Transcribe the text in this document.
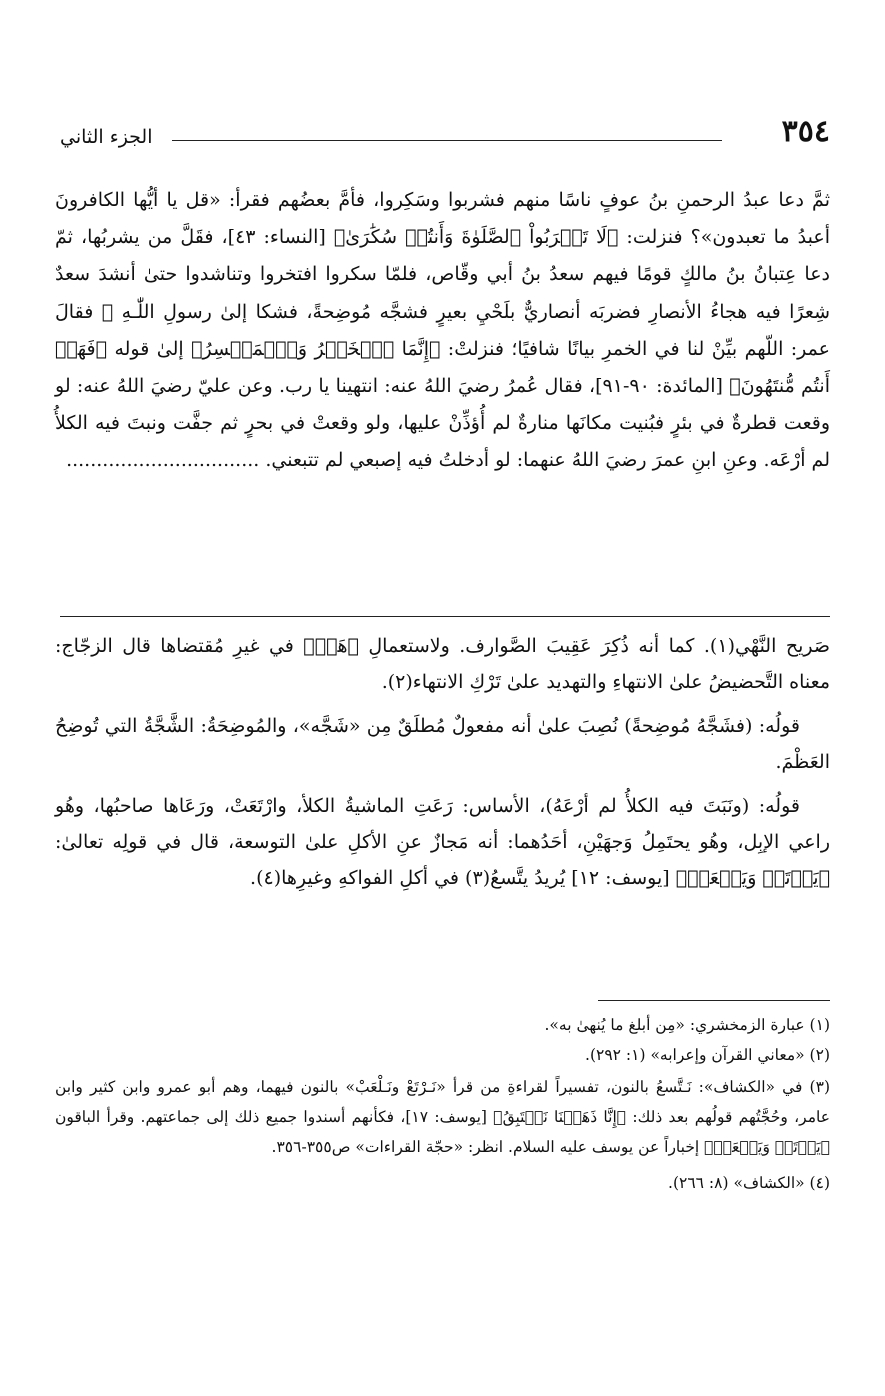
٣٥٤
الجزء الثاني

ثمَّ دعا عبدُ الرحمنِ بنُ عوفٍ ناسًا منهم فشربوا وسَكِروا، فأمَّ بعضُهم فقرأ: «قل يا أيُّها الكافرونَ أعبدُ ما تعبدون»؟ فنزلت: ﴿لَا تَقۡرَبُواْ ٱلصَّلَوٰةَ وَأَنتُمۡ سُكَٰرَىٰ﴾ [النساء: ٤٣]، فقَلَّ من يشربُها، ثمّ دعا عِتبانُ بنُ مالكٍ قومًا فيهم سعدُ بنُ أبي وقّاص، فلمّا سكروا افتخروا وتناشدوا حتىٰ أنشدَ سعدٌ شِعرًا فيه هجاءُ الأنصارِ فضربَه أنصاريٌّ بلَحْيِ بعيرٍ فشجَّه مُوضِحةً، فشكا إلىٰ رسولِ اللّٰـهِ ﷺ فقالَ عمر: اللّهم بيِّنْ لنا في الخمرِ بيانًا شافيًا؛ فنزلتْ: ﴿إِنَّمَا ٱلۡخَمۡرُ وَٱلۡمَيۡسِرُ﴾ إلىٰ قوله ﴿فَهَلۡ أَنتُم مُّنتَهُونَ﴾ [المائدة: ٩٠-٩١]، فقال عُمرُ رضيَ اللهُ عنه: انتهينا يا رب. وعن عليّ رضيَ اللهُ عنه: لو وقعت قطرةٌ في بئرٍ فبُنيت مكانَها منارةٌ لم أُؤذِّنْ عليها، ولو وقعتْ في بحرٍ ثم جفَّت ونبتَ فيه الكلأُ لم أرْعَه. وعنِ ابنِ عمرَ رضيَ اللهُ عنهما: لو أدخلتُ فيه إصبعي لم تتبعني. ................................

صَريح النَّهْي(١). كما أنه ذُكِرَ عَقِيبَ الصَّوارف. ولاستعمالِ ﴿هَلۡ﴾ في غيرِ مُقتضاها قال الزجّاج: معناه التَّحضيضُ علىٰ الانتهاءِ والتهديد علىٰ تَرْكِ الانتهاء(٢).

قولُه: (فشَجَّهُ مُوضِحةً) نُصِبَ علىٰ أنه مفعولٌ مُطلَقٌ مِن «شَجَّه»، والمُوضِحَةُ: الشَّجَّةُ التي تُوضِحُ العَظْمَ.

قولُه: (ونَبَتَ فيه الكلأُ لم أرْعَهُ)، الأساس: رَعَتِ الماشيةُ الكلأ، وارْتَعَتْ، ورَعَاها صاحبُها، وهُو راعي الإبِل، وهُو يحتَمِلُ وَجهَيْنِ، أحَدُهما: أنه مَجازٌ عنِ الأكلِ علىٰ التوسعة، قال في قولِه تعالىٰ: ﴿يَرۡتَعۡ وَيَلۡعَبۡ﴾ [يوسف: ١٢] يُريدُ يتَّسعُ(٣) في أكلِ الفواكهِ وغيرِها(٤).

(١) عبارة الزمخشري: «مِن أبلغ ما يُنهىٰ به».

(٢) «معاني القرآن وإعرابه» (١: ٢٩٢).

(٣) في «الكشاف»: نَـتَّسعُ بالنون، تفسيراً لقراءةِ من قرأ «نَـرْتَعْ ونَـلْعَبْ» بالنون فيهما، وهم أبو عمرو وابن كثير وابن عامر، وحُجَّتُهم قولُهم بعد ذلك: ﴿إِنَّا ذَهَبۡنَا نَسۡتَبِقُ﴾ [يوسف: ١٧]، فكأنهم أسندوا جميع ذلك إلى جماعتهم. وقرأ الباقون ﴿يَرۡتَعۡ وَيَلۡعَبۡ﴾ إخباراً عن يوسف عليه السلام. انظر: «حجّة القراءات» ص٣٥٥-٣٥٦.

(٤) «الكشاف» (٨: ٢٦٦).
